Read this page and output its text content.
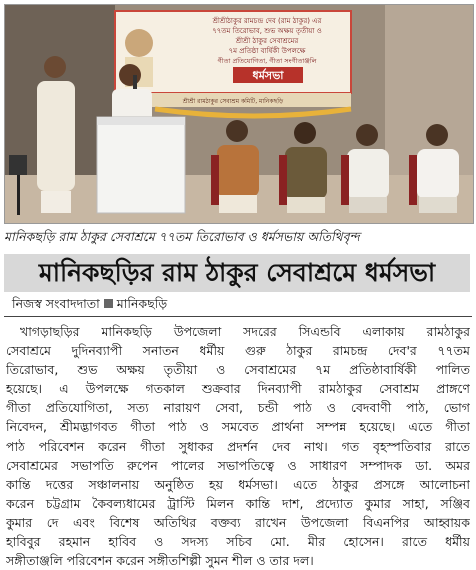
শ্রীশ্রীঠাকুর রামচন্দ্র দেব (রাম ঠাকুর) এর
৭৭তম তিরোভাব, শুভ অক্ষয় তৃতীয়া ও
শ্রীশ্রী ঠাকুর সেবাশ্রমের
৭ম প্রতিষ্ঠা বার্ষিকী উপলক্ষে
গীতা প্রতিযোগিতা, গীতা সংগীতাঞ্জলি
ধর্মসভা
শ্রীশ্রী রামঠাকুর সেবাশ্রম কমিটি, মানিকছড়ি
মানিকছড়ি রাম ঠাকুর সেবাশ্রমে ৭৭তম তিরোভাব ও ধর্মসভায় অতিথিবৃন্দ
মানিকছড়ির রাম ঠাকুর সেবাশ্রমে ধর্মসভা
নিজস্ব সংবাদদাতা মানিকছড়ি
খাগড়াছড়ির মানিকছড়ি উপজেলা সদরের সিএন্ডবি এলাকায় রামঠাকুর
সেবাশ্রমে দুদিনব্যাপী সনাতন ধর্মীয় গুরু ঠাকুর রামচন্দ্র দেব'র ৭৭তম
তিরোভাব, শুভ অক্ষয় তৃতীয়া ও সেবাশ্রমের ৭ম প্রতিষ্ঠাবার্ষিকী পালিত
হয়েছে। এ উপলক্ষে গতকাল শুক্রবার দিনব্যাপী রামঠাকুর সেবাশ্রম প্রাঙ্গণে
গীতা প্রতিযোগিতা, সত্য নারায়ণ সেবা, চন্ডী পাঠ ও বেদবাণী পাঠ, ভোগ
নিবেদন, শ্রীমদ্ভাগবত গীতা পাঠ ও সমবেত প্রার্থনা সম্পন্ন হয়েছে। এতে গীতা
পাঠ পরিবেশন করেন গীতা সুধাকর প্রদর্শন দেব নাথ। গত বৃহস্পতিবার রাতে
সেবাশ্রমের সভাপতি রুপেন পালের সভাপতিত্বে ও সাধারণ সম্পাদক ডা. অমর
কান্তি দত্তের সঞ্চালনায় অনুষ্ঠিত হয় ধর্মসভা। এতে ঠাকুর প্রসঙ্গে আলোচনা
করেন চট্টগ্রাম কৈবল্যধামের ট্রাস্টি মিলন কান্তি দাশ, প্রদ্যোত কুমার সাহা, সঞ্জিব
কুমার দে এবং বিশেষ অতিথির বক্তব্য রাখেন উপজেলা বিএনপির আহ্বায়ক
হাবিবুর রহমান হাবিব ও সদস্য সচিব মো. মীর হোসেন। রাতে ধর্মীয়
সঙ্গীতাঞ্জলি পরিবেশন করেন সঙ্গীতশিল্পী সুমন শীল ও তার দল।
